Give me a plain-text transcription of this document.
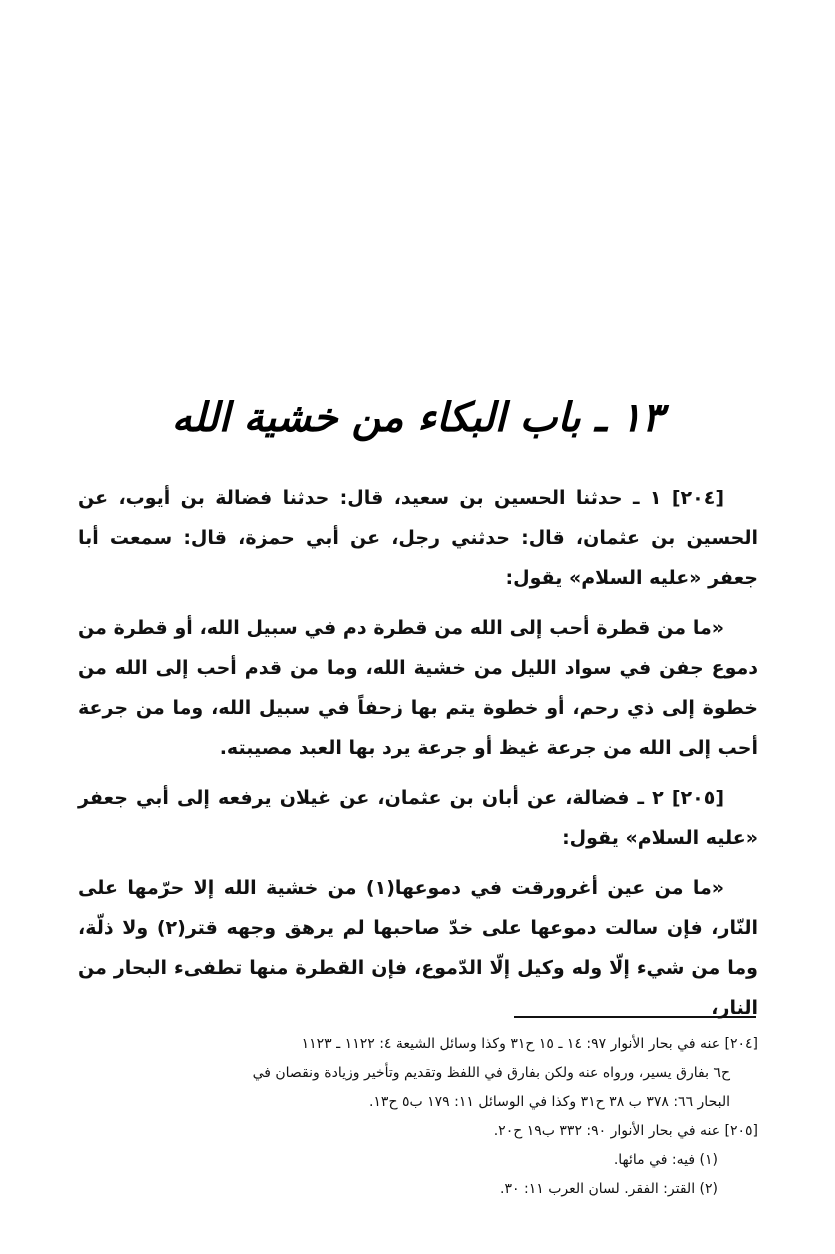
١٣ ـ باب البكاء من خشية الله

[٢٠٤] ١ ـ حدثنا الحسين بن سعيد، قال: حدثنا فضالة بن أيوب، عن الحسين بن عثمان، قال: حدثني رجل، عن أبي حمزة، قال: سمعت أبا جعفر «عليه السلام» يقول:

«ما من قطرة أحب إلى الله من قطرة دم في سبيل الله، أو قطرة من دموع جفن في سواد الليل من خشية الله، وما من قدم أحب إلى الله من خطوة إلى ذي رحم، أو خطوة يتم بها زحفاً في سبيل الله، وما من جرعة أحب إلى الله من جرعة غيظ أو جرعة يرد بها العبد مصيبته.

[٢٠٥] ٢ ـ فضالة، عن أبان بن عثمان، عن غيلان يرفعه إلى أبي جعفر «عليه السلام» يقول:

«ما من عين أغرورقت في دموعها(١) من خشية الله إلا حرّمها على النّار، فإن سالت دموعها على خدّ صاحبها لم يرهق وجهه قتر(٢) ولا ذلّة، وما من شيء إلّا وله وكيل إلّا الدّموع، فإن القطرة منها تطفىء البحار من النار،

[٢٠٤] عنه في بحار الأنوار ٩٧: ١٤ ـ ١٥ ح٣١ وكذا وسائل الشيعة ٤: ١١٢٢ ـ ١١٢٣
ح٦ بفارق يسير، ورواه عنه ولكن بفارق في اللفظ وتقديم وتأخير وزيادة ونقصان في
البحار ٦٦: ٣٧٨ ب ٣٨ ح٣١ وكذا في الوسائل ١١: ١٧٩ ب٥ ح١٣.
[٢٠٥] عنه في بحار الأنوار ٩٠: ٣٣٢ ب١٩ ح٢٠.
(١) فيه: في مائها.
(٢) القتر: الفقر. لسان العرب ١١: ٣٠.
